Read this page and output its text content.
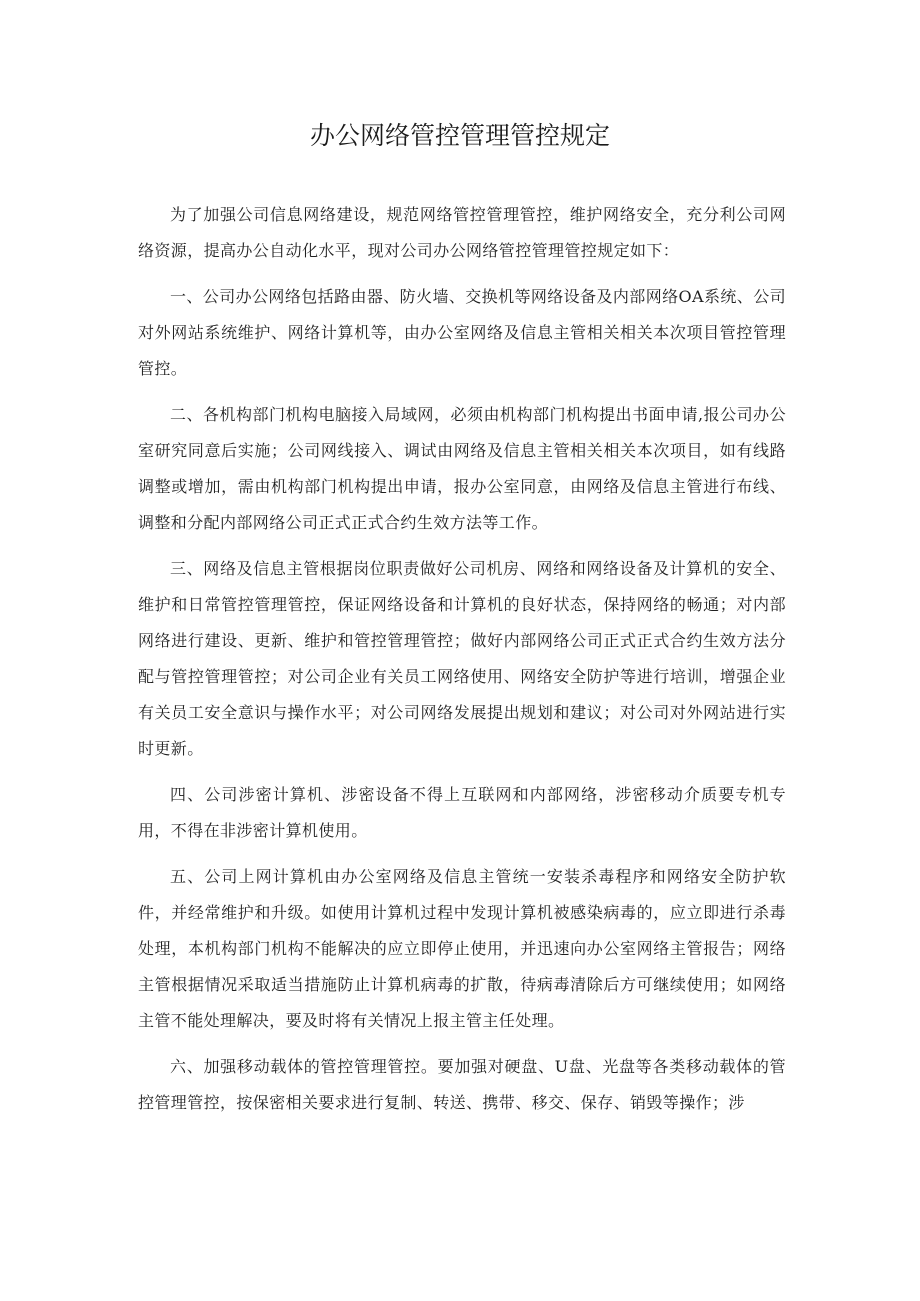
办公网络管控管理管控规定

为了加强公司信息网络建设，规范网络管控管理管控，维护网络安全，充分利公司网络资源，提高办公自动化水平，现对公司办公网络管控管理管控规定如下：

一、公司办公网络包括路由器、防火墙、交换机等网络设备及内部网络OA系统、公司对外网站系统维护、网络计算机等，由办公室网络及信息主管相关相关本次项目管控管理管控。

二、各机构部门机构电脑接入局域网，必须由机构部门机构提出书面申请,报公司办公室研究同意后实施；公司网线接入、调试由网络及信息主管相关相关本次项目，如有线路调整或增加，需由机构部门机构提出申请，报办公室同意，由网络及信息主管进行布线、调整和分配内部网络公司正式正式合约生效方法等工作。

三、网络及信息主管根据岗位职责做好公司机房、网络和网络设备及计算机的安全、维护和日常管控管理管控，保证网络设备和计算机的良好状态，保持网络的畅通；对内部网络进行建设、更新、维护和管控管理管控；做好内部网络公司正式正式合约生效方法分配与管控管理管控；对公司企业有关员工网络使用、网络安全防护等进行培训，增强企业有关员工安全意识与操作水平；对公司网络发展提出规划和建议；对公司对外网站进行实时更新。

四、公司涉密计算机、涉密设备不得上互联网和内部网络，涉密移动介质要专机专用，不得在非涉密计算机使用。

五、公司上网计算机由办公室网络及信息主管统一安装杀毒程序和网络安全防护软件，并经常维护和升级。如使用计算机过程中发现计算机被感染病毒的，应立即进行杀毒处理，本机构部门机构不能解决的应立即停止使用，并迅速向办公室网络主管报告；网络主管根据情况采取适当措施防止计算机病毒的扩散，待病毒清除后方可继续使用；如网络主管不能处理解决，要及时将有关情况上报主管主任处理。

六、加强移动载体的管控管理管控。要加强对硬盘、U盘、光盘等各类移动载体的管控管理管控，按保密相关要求进行复制、转送、携带、移交、保存、销毁等操作；涉
